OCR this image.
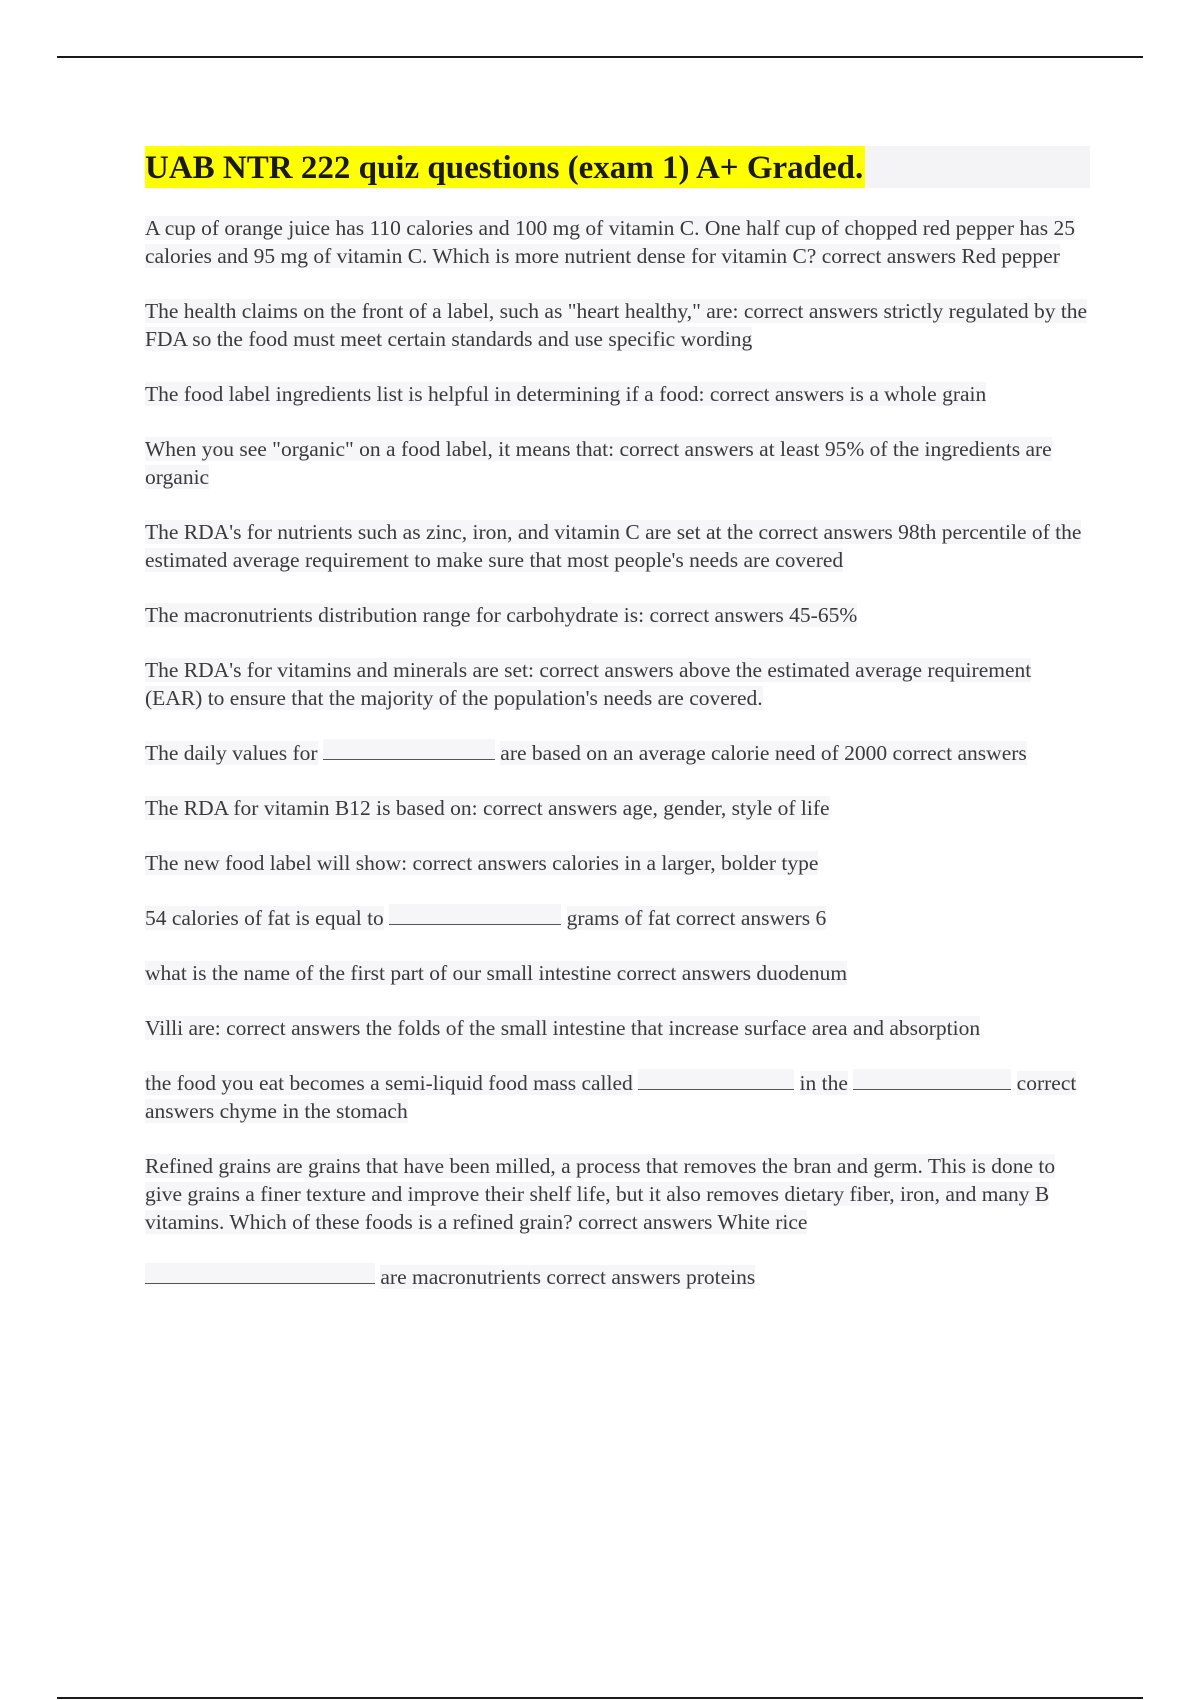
UAB NTR 222 quiz questions (exam 1) A+ Graded.
A cup of orange juice has 110 calories and 100 mg of vitamin C. One half cup of chopped red pepper has 25 calories and 95 mg of vitamin C. Which is more nutrient dense for vitamin C? correct answers Red pepper
The health claims on the front of a label, such as "heart healthy," are: correct answers strictly regulated by the FDA so the food must meet certain standards and use specific wording
The food label ingredients list is helpful in determining if a food: correct answers is a whole grain
When you see "organic" on a food label, it means that: correct answers at least 95% of the ingredients are organic
The RDA's for nutrients such as zinc, iron, and vitamin C are set at the correct answers 98th percentile of the estimated average requirement to make sure that most people's needs are covered
The macronutrients distribution range for carbohydrate is: correct answers 45-65%
The RDA's for vitamins and minerals are set: correct answers above the estimated average requirement (EAR) to ensure that the majority of the population's needs are covered.
The daily values for	are based on an average calorie need of 2000 correct answers
The RDA for vitamin B12 is based on: correct answers age, gender, style of life
The new food label will show: correct answers calories in a larger, bolder type
54 calories of fat is equal to	grams of fat correct answers 6
what is the name of the first part of our small intestine correct answers duodenum
Villi are: correct answers the folds of the small intestine that increase surface area and absorption
the food you eat becomes a semi-liquid food mass called	in the	correct answers chyme in the stomach
Refined grains are grains that have been milled, a process that removes the bran and germ. This is done to give grains a finer texture and improve their shelf life, but it also removes dietary fiber, iron, and many B vitamins. Which of these foods is a refined grain? correct answers White rice
are macronutrients correct answers proteins
